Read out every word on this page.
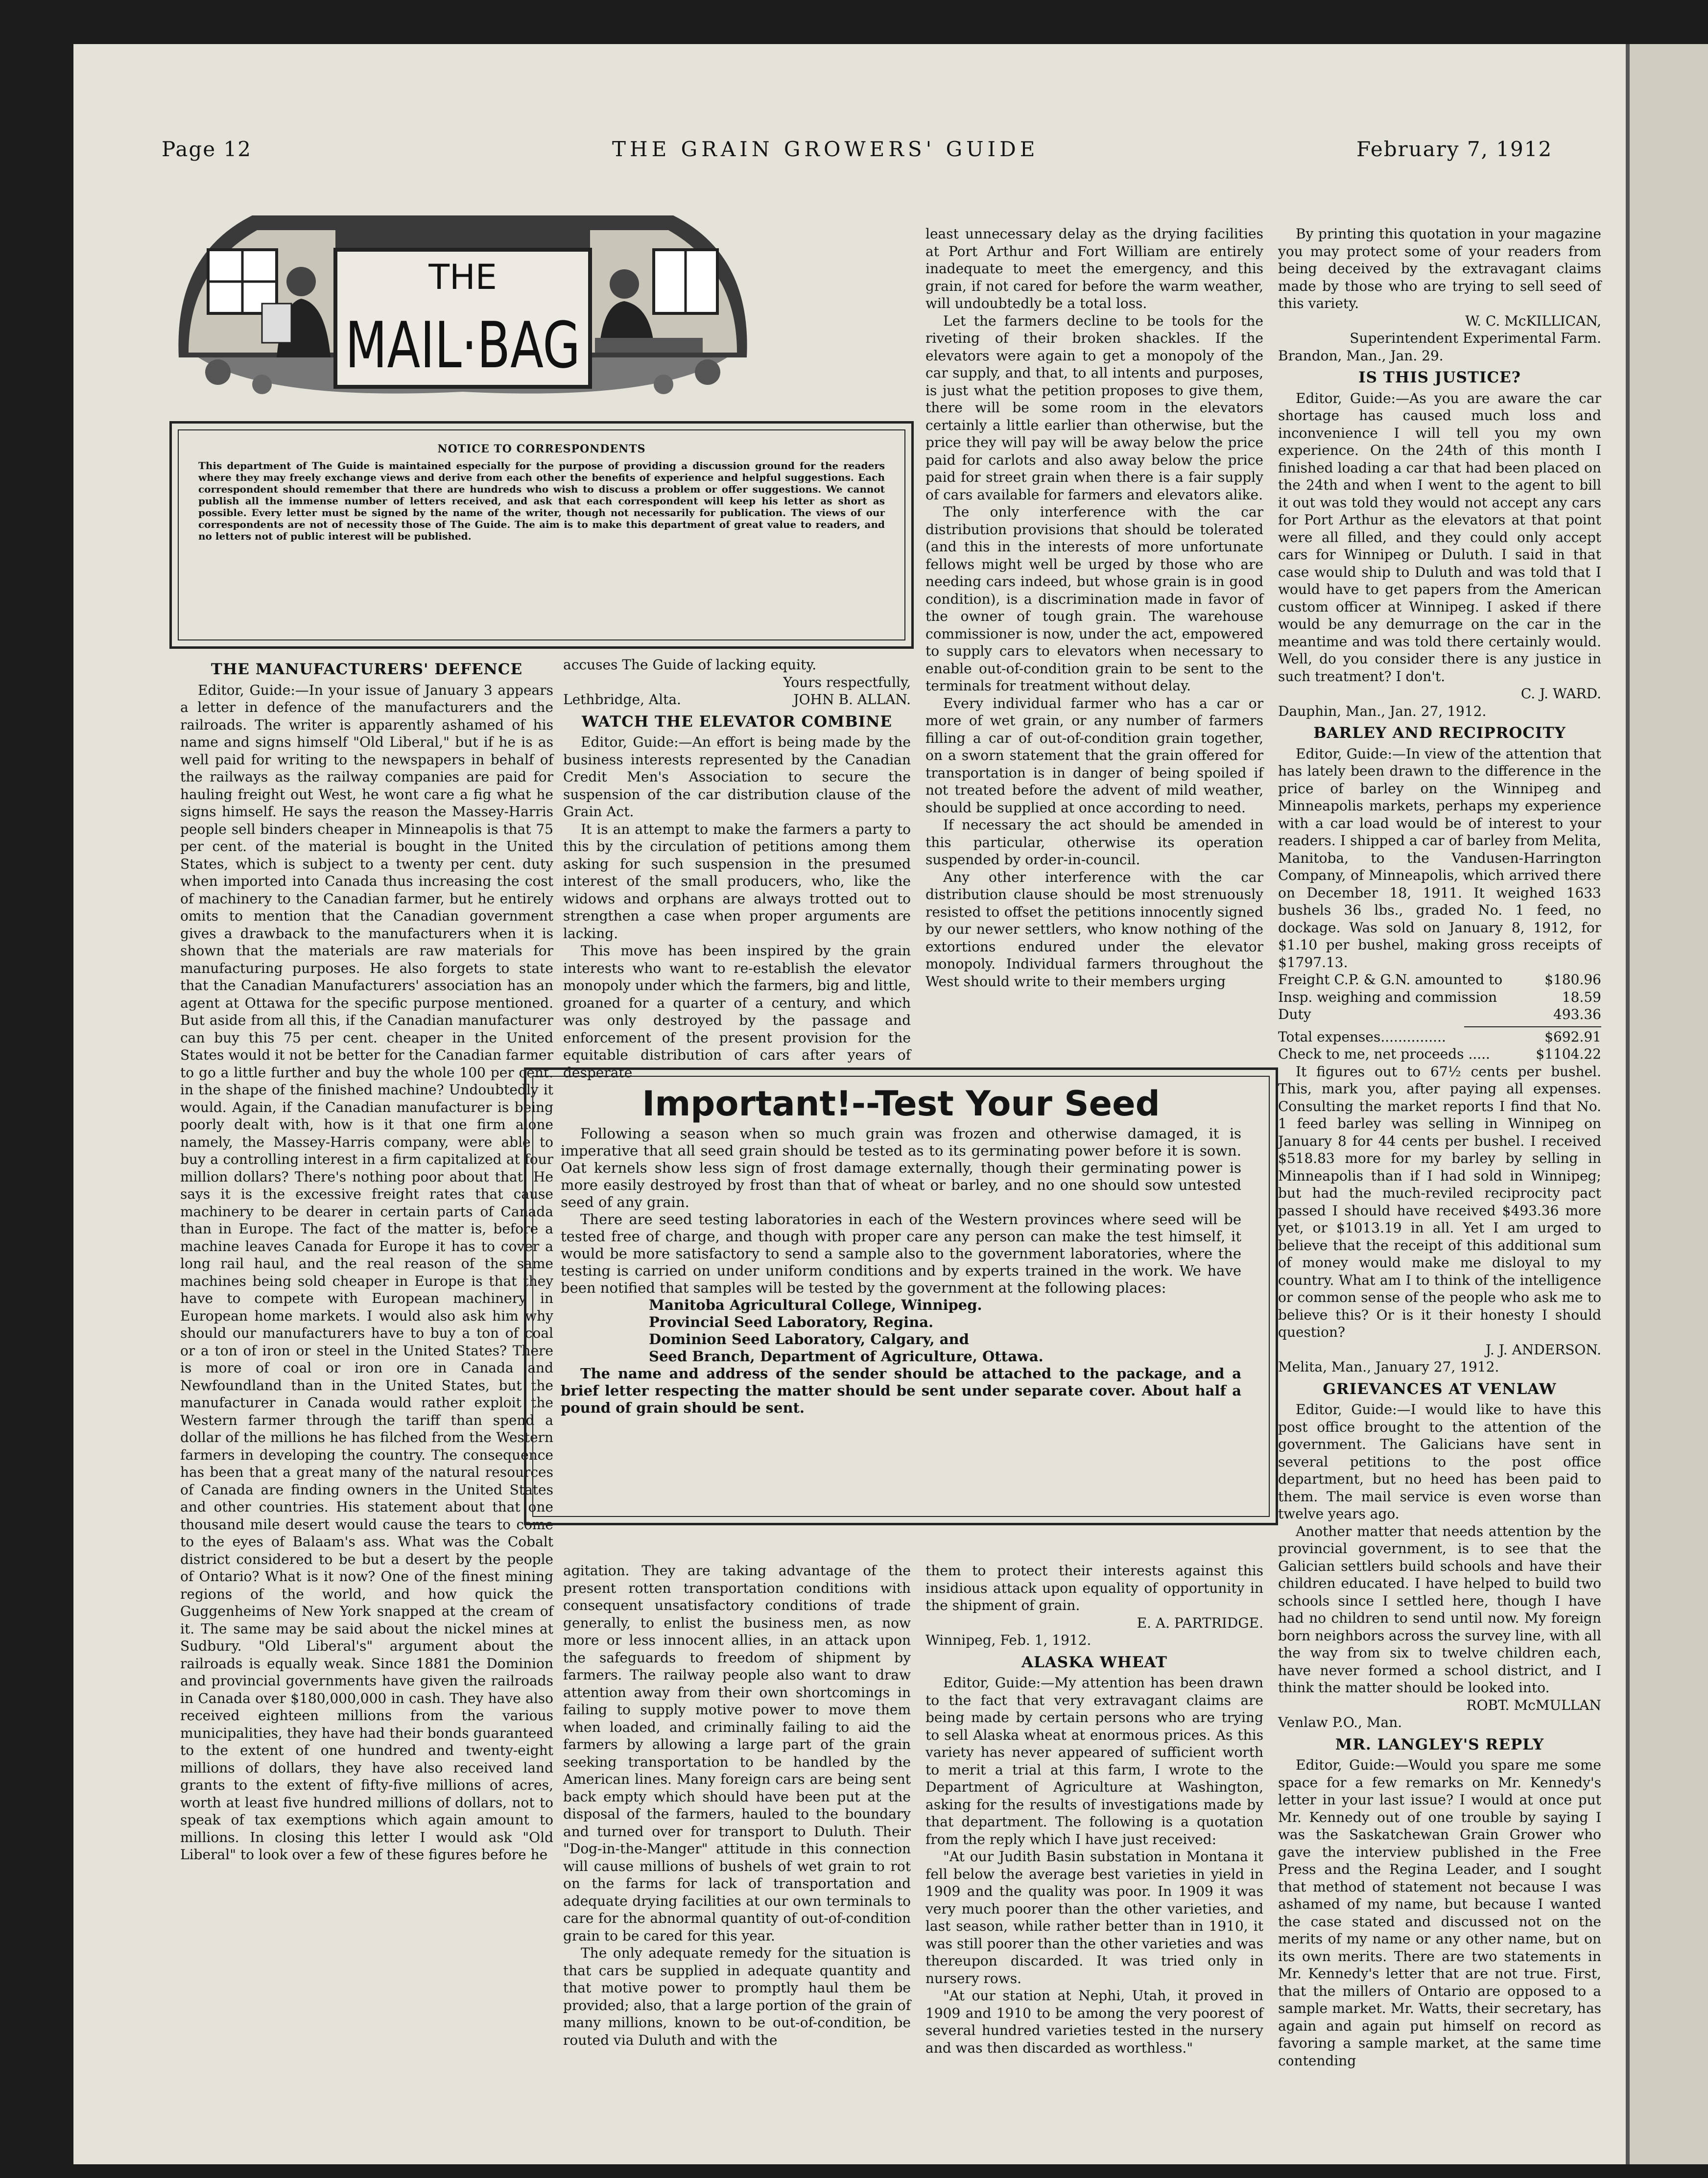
Page 12	THE GRAIN GROWERS' GUIDE	February 7, 1912
THE
MAIL·BAG
NOTICE TO CORRESPONDENTS
This department of The Guide is maintained especially for the purpose of providing a discussion ground for the readers where they may freely exchange views and derive from each other the benefits of experience and helpful suggestions. Each correspondent should remember that there are hundreds who wish to discuss a problem or offer suggestions. We cannot publish all the immense number of letters received, and ask that each correspondent will keep his letter as short as possible. Every letter must be signed by the name of the writer, though not necessarily for publication. The views of our correspondents are not of necessity those of The Guide. The aim is to make this department of great value to readers, and no letters not of public interest will be published.
THE MANUFACTURERS' DEFENCE

Editor, Guide:—In your issue of January 3 appears a letter in defence of the manufacturers and the railroads. The writer is apparently ashamed of his name and signs himself "Old Liberal," but if he is as well paid for writing to the newspapers in behalf of the railways as the railway companies are paid for hauling freight out West, he wont care a fig what he signs himself. He says the reason the Massey-Harris people sell binders cheaper in Minneapolis is that 75 per cent. of the material is bought in the United States, which is subject to a twenty per cent. duty when imported into Canada thus increasing the cost of machinery to the Canadian farmer, but he entirely omits to mention that the Canadian government gives a drawback to the manufacturers when it is shown that the materials are raw materials for manufacturing purposes. He also forgets to state that the Canadian Manufacturers' association has an agent at Ottawa for the specific purpose mentioned. But aside from all this, if the Canadian manufacturer can buy this 75 per cent. cheaper in the United States would it not be better for the Canadian farmer to go a little further and buy the whole 100 per cent. in the shape of the finished machine? Undoubtedly it would. Again, if the Canadian manufacturer is being poorly dealt with, how is it that one firm alone namely, the Massey-Harris company, were able to buy a controlling interest in a firm capitalized at four million dollars? There's nothing poor about that. He says it is the excessive freight rates that cause machinery to be dearer in certain parts of Canada than in Europe. The fact of the matter is, before a machine leaves Canada for Europe it has to cover a long rail haul, and the real reason of the same machines being sold cheaper in Europe is that they have to compete with European machinery in European home markets. I would also ask him why should our manufacturers have to buy a ton of coal or a ton of iron or steel in the United States? There is more of coal or iron ore in Canada and Newfoundland than in the United States, but the manufacturer in Canada would rather exploit the Western farmer through the tariff than spend a dollar of the millions he has filched from the Western farmers in developing the country. The consequence has been that a great many of the natural resources of Canada are finding owners in the United States and other countries. His statement about that one thousand mile desert would cause the tears to come to the eyes of Balaam's ass. What was the Cobalt district considered to be but a desert by the people of Ontario? What is it now? One of the finest mining regions of the world, and how quick the Guggenheims of New York snapped at the cream of it. The same may be said about the nickel mines at Sudbury. "Old Liberal's" argument about the railroads is equally weak. Since 1881 the Dominion and provincial governments have given the railroads in Canada over $180,000,000 in cash. They have also received eighteen millions from the various municipalities, they have had their bonds guaranteed to the extent of one hundred and twenty-eight millions of dollars, they have also received land grants to the extent of fifty-five millions of acres, worth at least five hundred millions of dollars, not to speak of tax exemptions which again amount to millions. In closing this letter I would ask "Old Liberal" to look over a few of these figures before he

accuses The Guide of lacking equity.

Yours respectfully,

Lethbridge, Alta.	JOHN B. ALLAN.
WATCH THE ELEVATOR COMBINE

Editor, Guide:—An effort is being made by the business interests represented by the Canadian Credit Men's Association to secure the suspension of the car distribution clause of the Grain Act.

It is an attempt to make the farmers a party to this by the circulation of petitions among them asking for such suspension in the presumed interest of the small producers, who, like the widows and orphans are always trotted out to strengthen a case when proper arguments are lacking.

This move has been inspired by the grain interests who want to re-establish the elevator monopoly under which the farmers, big and little, groaned for a quarter of a century, and which was only destroyed by the passage and enforcement of the present provision for the equitable distribution of cars after years of desperate

least unnecessary delay as the drying facilities at Port Arthur and Fort William are entirely inadequate to meet the emergency, and this grain, if not cared for before the warm weather, will undoubtedly be a total loss.

Let the farmers decline to be tools for the riveting of their broken shackles. If the elevators were again to get a monopoly of the car supply, and that, to all intents and purposes, is just what the petition proposes to give them, there will be some room in the elevators certainly a little earlier than otherwise, but the price they will pay will be away below the price paid for carlots and also away below the price paid for street grain when there is a fair supply of cars available for farmers and elevators alike.

The only interference with the car distribution provisions that should be tolerated (and this in the interests of more unfortunate fellows might well be urged by those who are needing cars indeed, but whose grain is in good condition), is a discrimination made in favor of the owner of tough grain. The warehouse commissioner is now, under the act, empowered to supply cars to elevators when necessary to enable out-of-condition grain to be sent to the terminals for treatment without delay.

Every individual farmer who has a car or more of wet grain, or any number of farmers filling a car of out-of-condition grain together, on a sworn statement that the grain offered for transportation is in danger of being spoiled if not treated before the advent of mild weather, should be supplied at once according to need.

If necessary the act should be amended in this particular, otherwise its operation suspended by order-in-council.

Any other interference with the car distribution clause should be most strenuously resisted to offset the petitions innocently signed by our newer settlers, who know nothing of the extortions endured under the elevator monopoly. Individual farmers throughout the West should write to their members urging

Important!--Test Your Seed

Following a season when so much grain was frozen and otherwise damaged, it is imperative that all seed grain should be tested as to its germinating power before it is sown. Oat kernels show less sign of frost damage externally, though their germinating power is more easily destroyed by frost than that of wheat or barley, and no one should sow untested seed of any grain.

There are seed testing laboratories in each of the Western provinces where seed will be tested free of charge, and though with proper care any person can make the test himself, it would be more satisfactory to send a sample also to the government laboratories, where the testing is carried on under uniform conditions and by experts trained in the work. We have been notified that samples will be tested by the government at the following places:

Manitoba Agricultural College, Winnipeg.
Provincial Seed Laboratory, Regina.
Dominion Seed Laboratory, Calgary, and
Seed Branch, Department of Agriculture, Ottawa.

The name and address of the sender should be attached to the package, and a brief letter respecting the matter should be sent under separate cover. About half a pound of grain should be sent.

agitation. They are taking advantage of the present rotten transportation conditions with consequent unsatisfactory conditions of trade generally, to enlist the business men, as now more or less innocent allies, in an attack upon the safeguards to freedom of shipment by farmers. The railway people also want to draw attention away from their own shortcomings in failing to supply motive power to move them when loaded, and criminally failing to aid the farmers by allowing a large part of the grain seeking transportation to be handled by the American lines. Many foreign cars are being sent back empty which should have been put at the disposal of the farmers, hauled to the boundary and turned over for transport to Duluth. Their "Dog-in-the-Manger" attitude in this connection will cause millions of bushels of wet grain to rot on the farms for lack of transportation and adequate drying facilities at our own terminals to care for the abnormal quantity of out-of-condition grain to be cared for this year.

The only adequate remedy for the situation is that cars be supplied in adequate quantity and that motive power to promptly haul them be provided; also, that a large portion of the grain of many millions, known to be out-of-condition, be routed via Duluth and with the

them to protect their interests against this insidious attack upon equality of opportunity in the shipment of grain.

E. A. PARTRIDGE.

Winnipeg, Feb. 1, 1912.

ALASKA WHEAT

Editor, Guide:—My attention has been drawn to the fact that very extravagant claims are being made by certain persons who are trying to sell Alaska wheat at enormous prices. As this variety has never appeared of sufficient worth to merit a trial at this farm, I wrote to the Department of Agriculture at Washington, asking for the results of investigations made by that department. The following is a quotation from the reply which I have just received:

"At our Judith Basin substation in Montana it fell below the average best varieties in yield in 1909 and the quality was poor. In 1909 it was very much poorer than the other varieties, and last season, while rather better than in 1910, it was still poorer than the other varieties and was thereupon discarded. It was tried only in nursery rows.

"At our station at Nephi, Utah, it proved in 1909 and 1910 to be among the very poorest of several hundred varieties tested in the nursery and was then discarded as worthless."

By printing this quotation in your magazine you may protect some of your readers from being deceived by the extravagant claims made by those who are trying to sell seed of this variety.

W. C. McKILLICAN,

Superintendent Experimental Farm.

Brandon, Man., Jan. 29.

IS THIS JUSTICE?

Editor, Guide:—As you are aware the car shortage has caused much loss and inconvenience I will tell you my own experience. On the 24th of this month I finished loading a car that had been placed on the 24th and when I went to the agent to bill it out was told they would not accept any cars for Port Arthur as the elevators at that point were all filled, and they could only accept cars for Winnipeg or Duluth. I said in that case would ship to Duluth and was told that I would have to get papers from the American custom officer at Winnipeg. I asked if there would be any demurrage on the car in the meantime and was told there certainly would. Well, do you consider there is any justice in such treatment? I don't.

C. J. WARD.

Dauphin, Man., Jan. 27, 1912.

BARLEY AND RECIPROCITY

Editor, Guide:—In view of the attention that has lately been drawn to the difference in the price of barley on the Winnipeg and Minneapolis markets, perhaps my experience with a car load would be of interest to your readers. I shipped a car of barley from Melita, Manitoba, to the Vandusen-Harrington Company, of Minneapolis, which arrived there on December 18, 1911. It weighed 1633 bushels 36 lbs., graded No. 1 feed, no dockage. Was sold on January 8, 1912, for $1.10 per bushel, making gross receipts of $1797.13.

Freight C.P. & G.N. amounted to	$180.96
Insp. weighing and commission	18.59
Duty	493.36
Total expenses...............	$692.91
Check to me, net proceeds .....	$1104.22

It figures out to 67½ cents per bushel. This, mark you, after paying all expenses. Consulting the market reports I find that No. 1 feed barley was selling in Winnipeg on January 8 for 44 cents per bushel. I received $518.83 more for my barley by selling in Minneapolis than if I had sold in Winnipeg; but had the much-reviled reciprocity pact passed I should have received $493.36 more yet, or $1013.19 in all. Yet I am urged to believe that the receipt of this additional sum of money would make me disloyal to my country. What am I to think of the intelligence or common sense of the people who ask me to believe this? Or is it their honesty I should question?

J. J. ANDERSON.

Melita, Man., January 27, 1912.

GRIEVANCES AT VENLAW

Editor, Guide:—I would like to have this post office brought to the attention of the government. The Galicians have sent in several petitions to the post office department, but no heed has been paid to them. The mail service is even worse than twelve years ago.

Another matter that needs attention by the provincial government, is to see that the Galician settlers build schools and have their children educated. I have helped to build two schools since I settled here, though I have had no children to send until now. My foreign born neighbors across the survey line, with all the way from six to twelve children each, have never formed a school district, and I think the matter should be looked into.

ROBT. McMULLAN

Venlaw P.O., Man.

MR. LANGLEY'S REPLY

Editor, Guide:—Would you spare me some space for a few remarks on Mr. Kennedy's letter in your last issue? I would at once put Mr. Kennedy out of one trouble by saying I was the Saskatchewan Grain Grower who gave the interview published in the Free Press and the Regina Leader, and I sought that method of statement not because I was ashamed of my name, but because I wanted the case stated and discussed not on the merits of my name or any other name, but on its own merits. There are two statements in Mr. Kennedy's letter that are not true. First, that the millers of Ontario are opposed to a sample market. Mr. Watts, their secretary, has again and again put himself on record as favoring a sample market, at the same time contending
